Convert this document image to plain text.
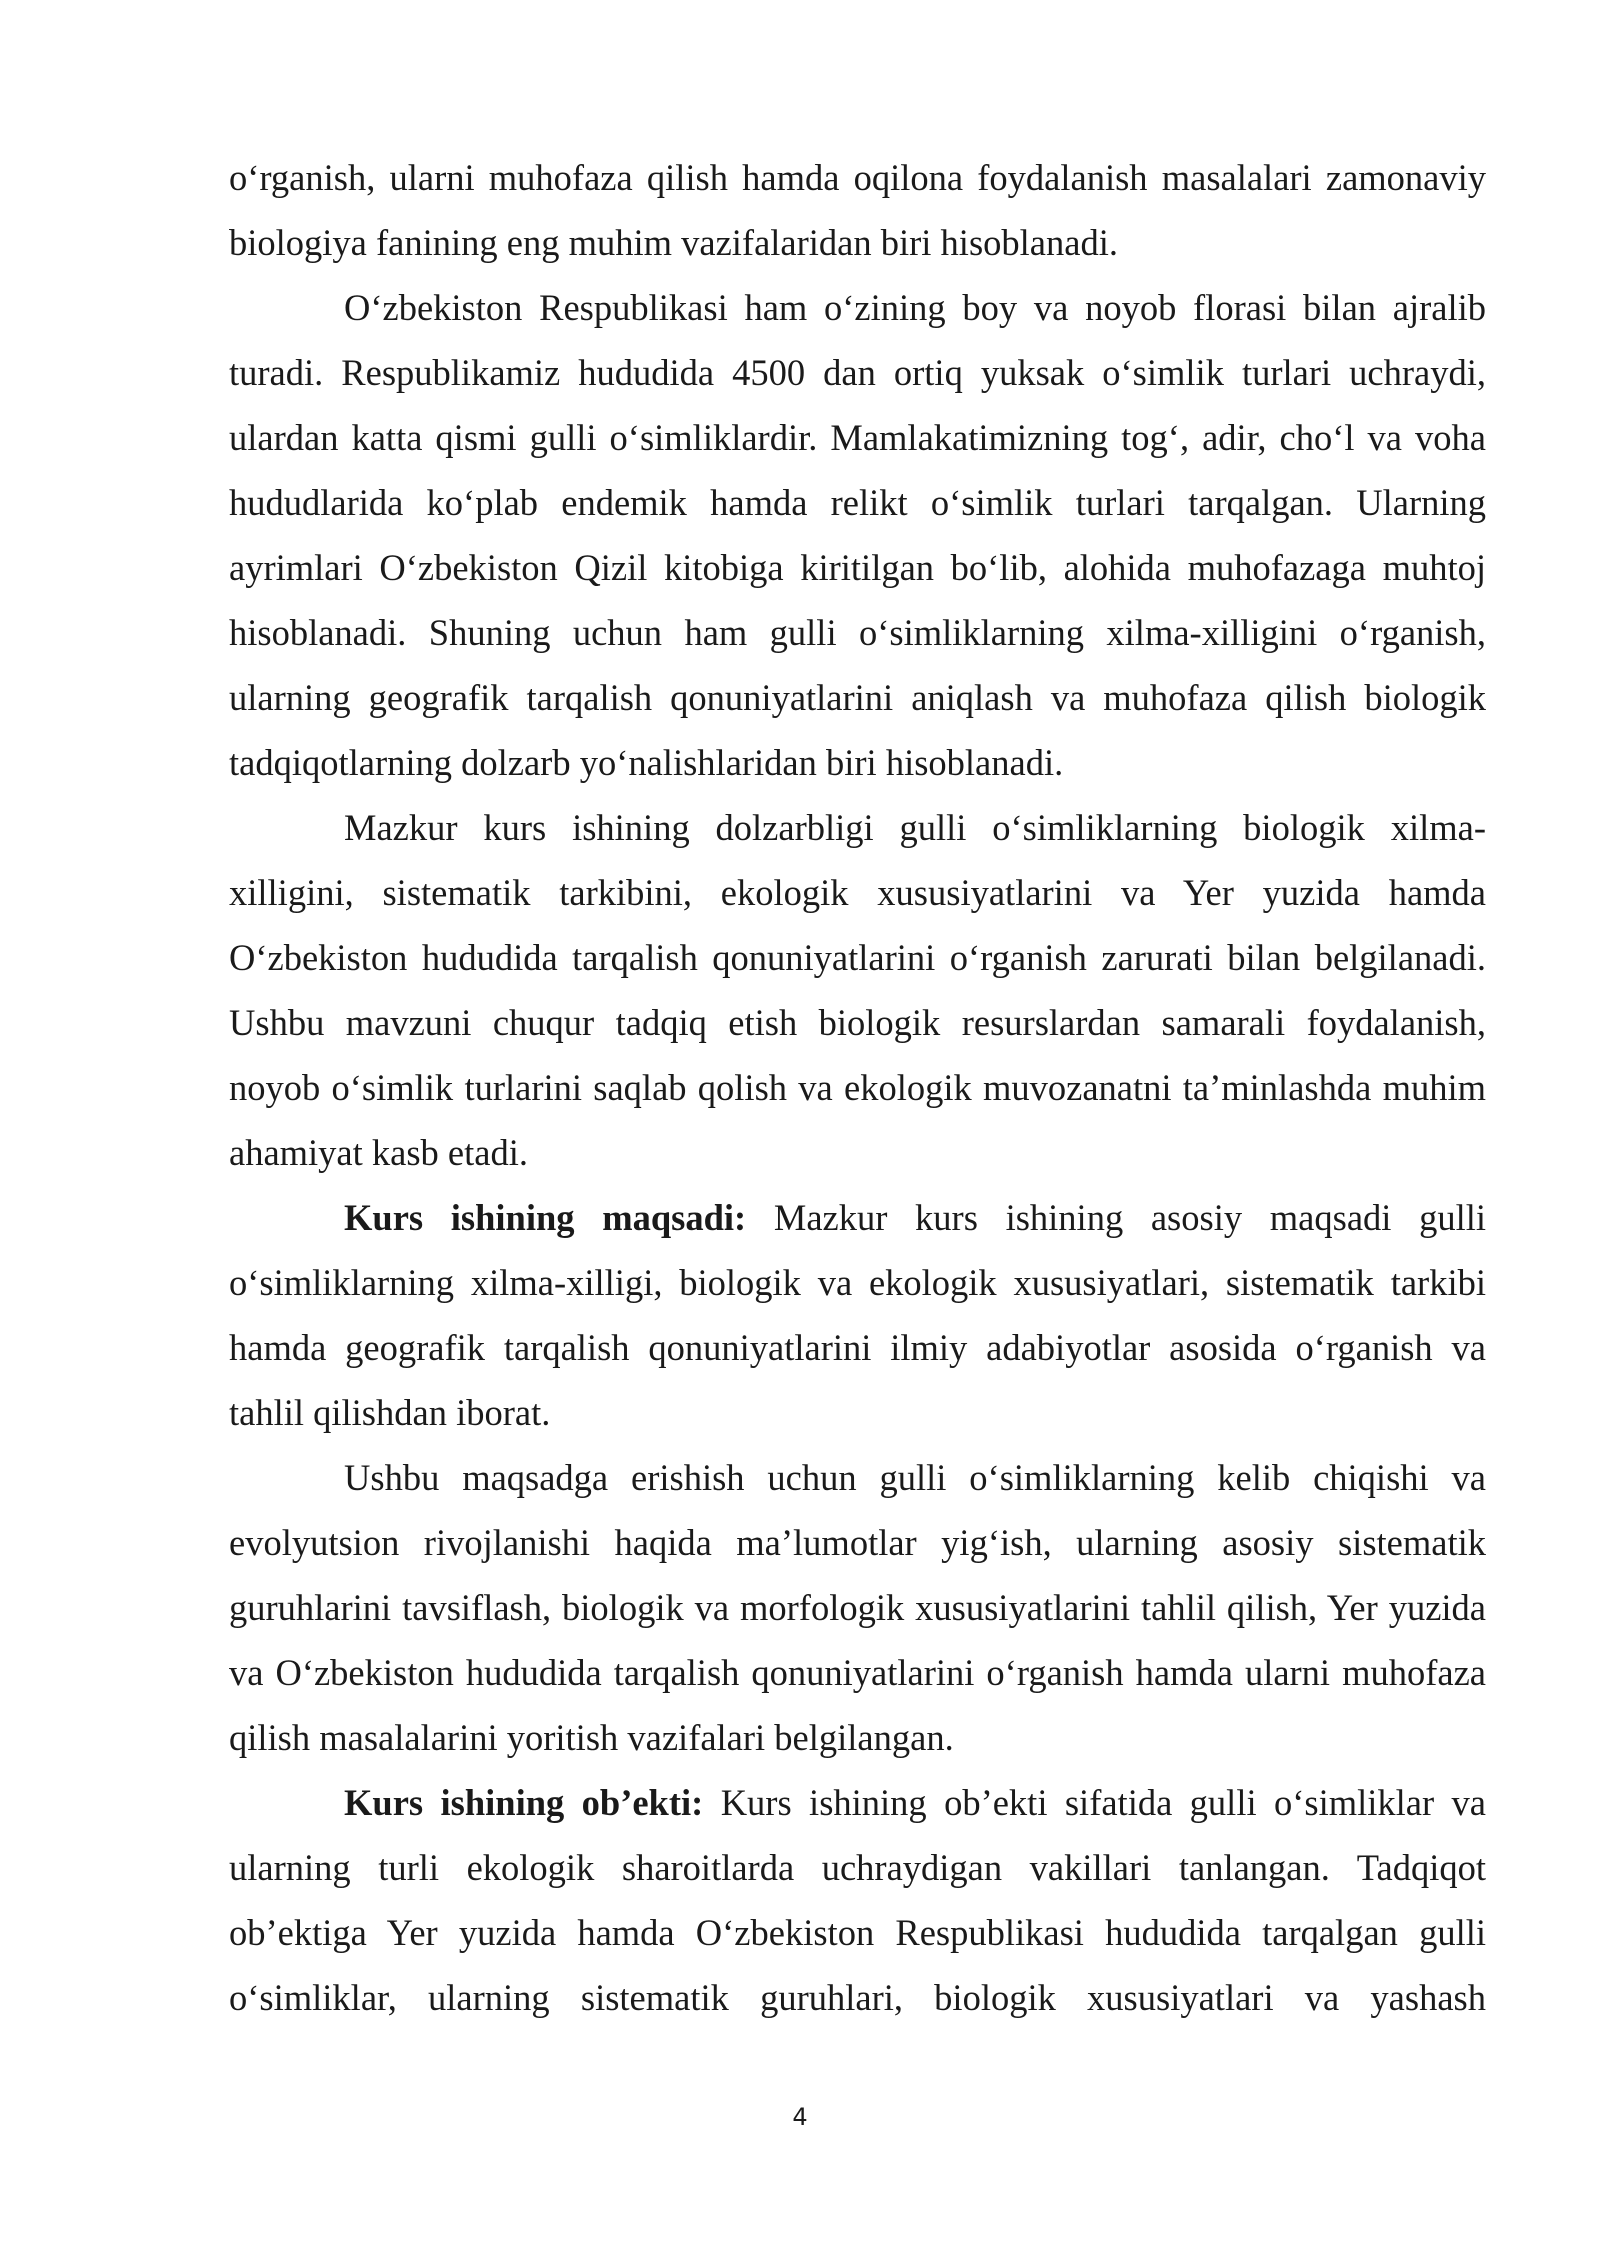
oʻrganish, ularni muhofaza qilish hamda oqilona foydalanish masalalari zamonaviy biologiya fanining eng muhim vazifalaridan biri hisoblanadi.

Oʻzbekiston Respublikasi ham oʻzining boy va noyob florasi bilan ajralib turadi. Respublikamiz hududida 4500 dan ortiq yuksak oʻsimlik turlari uchraydi, ulardan katta qismi gulli oʻsimliklardir. Mamlakatimizning togʻ, adir, choʻl va voha hududlarida koʻplab endemik hamda relikt oʻsimlik turlari tarqalgan. Ularning ayrimlari Oʻzbekiston Qizil kitobiga kiritilgan boʻlib, alohida muhofazaga muhtoj hisoblanadi. Shuning uchun ham gulli oʻsimliklarning xilma-xilligini oʻrganish, ularning geografik tarqalish qonuniyatlarini aniqlash va muhofaza qilish biologik tadqiqotlarning dolzarb yoʻnalishlaridan biri hisoblanadi.

Mazkur kurs ishining dolzarbligi gulli oʻsimliklarning biologik xilma-xilligini, sistematik tarkibini, ekologik xususiyatlarini va Yer yuzida hamda Oʻzbekiston hududida tarqalish qonuniyatlarini oʻrganish zarurati bilan belgilanadi. Ushbu mavzuni chuqur tadqiq etish biologik resurslardan samarali foydalanish, noyob oʻsimlik turlarini saqlab qolish va ekologik muvozanatni ta’minlashda muhim ahamiyat kasb etadi.

Kurs ishining maqsadi: Mazkur kurs ishining asosiy maqsadi gulli oʻsimliklarning xilma-xilligi, biologik va ekologik xususiyatlari, sistematik tarkibi hamda geografik tarqalish qonuniyatlarini ilmiy adabiyotlar asosida oʻrganish va tahlil qilishdan iborat.

Ushbu maqsadga erishish uchun gulli oʻsimliklarning kelib chiqishi va evolyutsion rivojlanishi haqida ma’lumotlar yigʻish, ularning asosiy sistematik guruhlarini tavsiflash, biologik va morfologik xususiyatlarini tahlil qilish, Yer yuzida va Oʻzbekiston hududida tarqalish qonuniyatlarini oʻrganish hamda ularni muhofaza qilish masalalarini yoritish vazifalari belgilangan.

Kurs ishining ob’ekti: Kurs ishining ob’ekti sifatida gulli oʻsimliklar va ularning turli ekologik sharoitlarda uchraydigan vakillari tanlangan. Tadqiqot ob’ektiga Yer yuzida hamda Oʻzbekiston Respublikasi hududida tarqalgan gulli oʻsimliklar, ularning sistematik guruhlari, biologik xususiyatlari va yashash

4
